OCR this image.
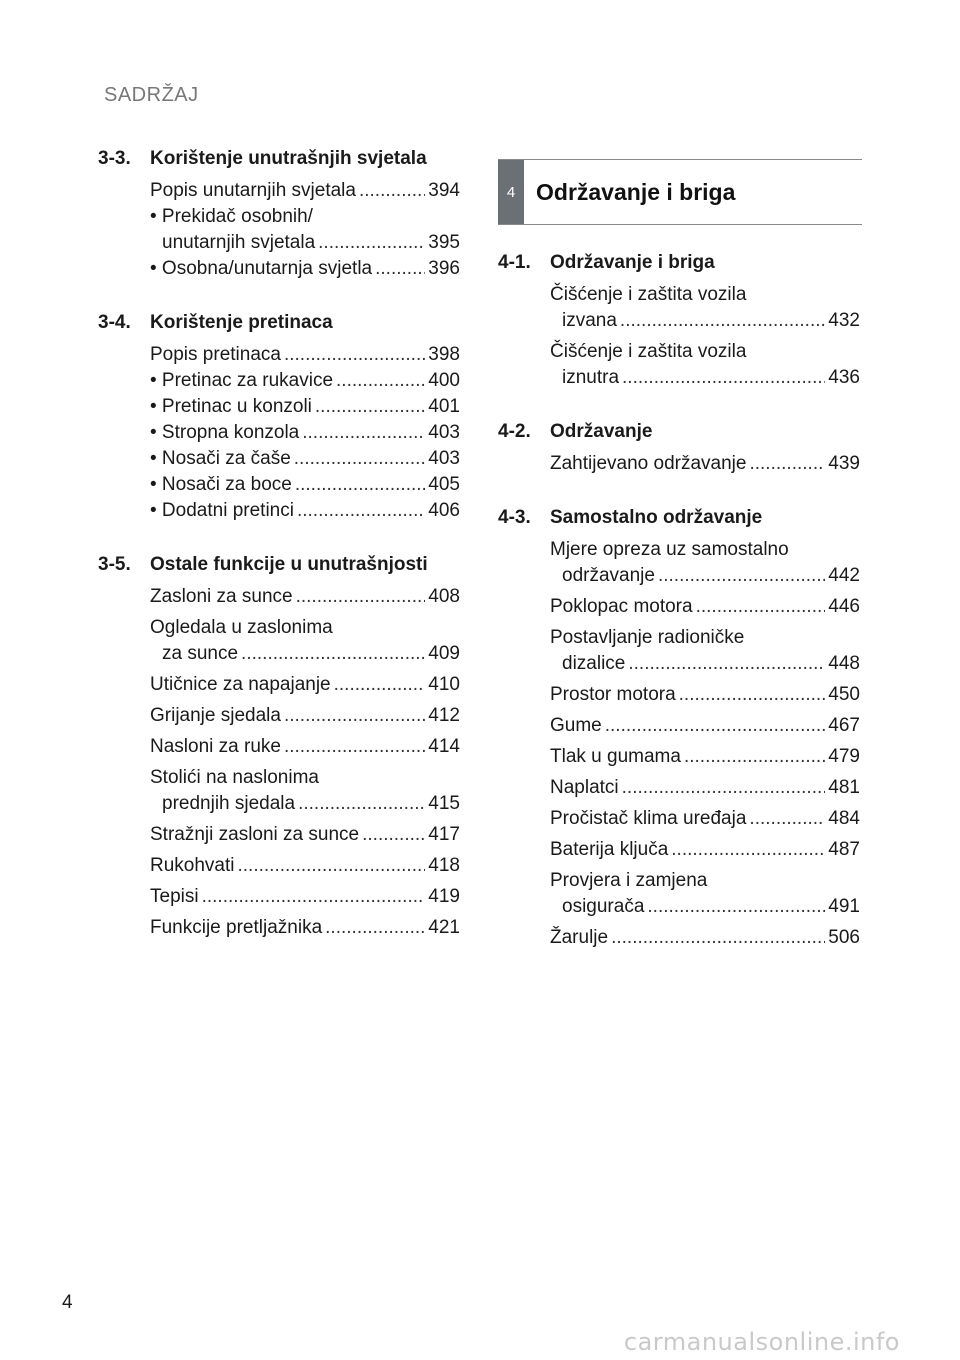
SADRŽAJ
3-3.	Korištenje unutrašnjih svjetala
Popis unutarnjih svjetala .....	394
• Prekidač osobnih/
unutarnjih svjetala .....	395
• Osobna/unutarnja svjetla .....	396
3-4.	Korištenje pretinaca
Popis pretinaca .....	398
• Pretinac za rukavice .....	400
• Pretinac u konzoli .....	401
• Stropna konzola .....	403
• Nosači za čaše .....	403
• Nosači za boce .....	405
• Dodatni pretinci .....	406
3-5.	Ostale funkcije u unutrašnjosti
Zasloni za sunce .....	408
Ogledala u zaslonima
za sunce .....	409
Utičnice za napajanje .....	410
Grijanje sjedala .....	412
Nasloni za ruke .....	414
Stolići na naslonima
prednjih sjedala .....	415
Stražnji zasloni za sunce .....	417
Rukohvati .....	418
Tepisi .....	419
Funkcije pretljažnika .....	421
4 Održavanje i briga
4-1.	Održavanje i briga
Čišćenje i zaštita vozila
izvana .....	432
Čišćenje i zaštita vozila
iznutra .....	436
4-2.	Održavanje
Zahtijevano održavanje .....	439
4-3.	Samostalno održavanje
Mjere opreza uz samostalno
održavanje .....	442
Poklopac motora .....	446
Postavljanje radioničke
dizalice .....	448
Prostor motora .....	450
Gume .....	467
Tlak u gumama .....	479
Naplatci .....	481
Pročistač klima uređaja .....	484
Baterija ključa .....	487
Provjera i zamjena
osigurača .....	491
Žarulje .....	506
4
carmanualsonline.info
